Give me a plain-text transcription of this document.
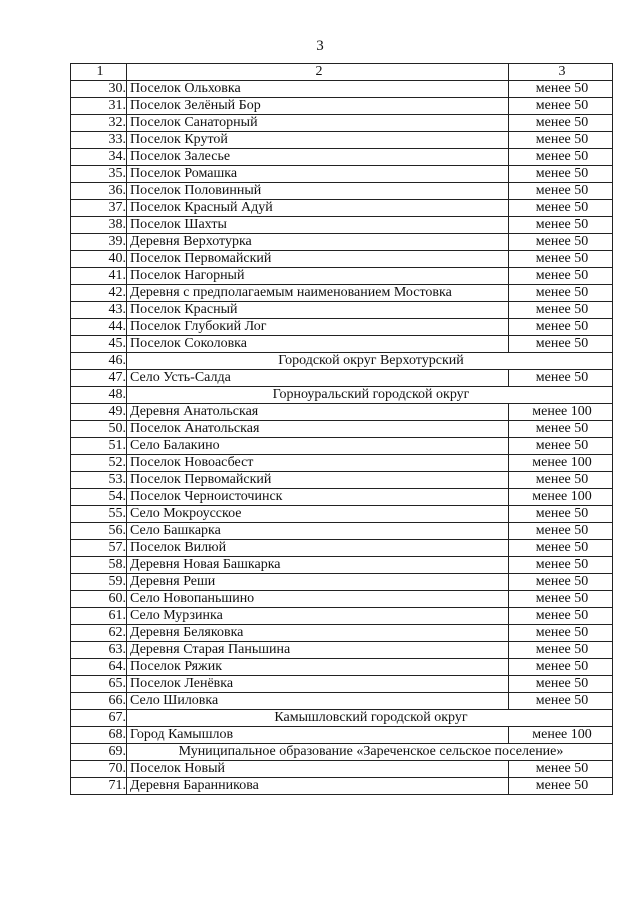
3
1	2	3
30.	Поселок Ольховка	менее 50
31.	Поселок Зелёный Бор	менее 50
32.	Поселок Санаторный	менее 50
33.	Поселок Крутой	менее 50
34.	Поселок Залесье	менее 50
35.	Поселок Ромашка	менее 50
36.	Поселок Половинный	менее 50
37.	Поселок Красный Адуй	менее 50
38.	Поселок Шахты	менее 50
39.	Деревня Верхотурка	менее 50
40.	Поселок Первомайский	менее 50
41.	Поселок Нагорный	менее 50
42.	Деревня с предполагаемым наименованием Мостовка	менее 50
43.	Поселок Красный	менее 50
44.	Поселок Глубокий Лог	менее 50
45.	Поселок Соколовка	менее 50
46.	Городской округ Верхотурский	
47.	Село Усть-Салда	менее 50
48.	Горноуральский городской округ	
49.	Деревня Анатольская	менее 100
50.	Поселок Анатольская	менее 50
51.	Село Балакино	менее 50
52.	Поселок Новоасбест	менее 100
53.	Поселок Первомайский	менее 50
54.	Поселок Черноисточинск	менее 100
55.	Село Мокроусское	менее 50
56.	Село Башкарка	менее 50
57.	Поселок Вилюй	менее 50
58.	Деревня Новая Башкарка	менее 50
59.	Деревня Реши	менее 50
60.	Село Новопаньшино	менее 50
61.	Село Мурзинка	менее 50
62.	Деревня Беляковка	менее 50
63.	Деревня Старая Паньшина	менее 50
64.	Поселок Ряжик	менее 50
65.	Поселок Ленёвка	менее 50
66.	Село Шиловка	менее 50
67.	Камышловский городской округ	
68.	Город Камышлов	менее 100
69.	Муниципальное образование «Зареченское сельское поселение»	
70.	Поселок Новый	менее 50
71.	Деревня Баранникова	менее 50
